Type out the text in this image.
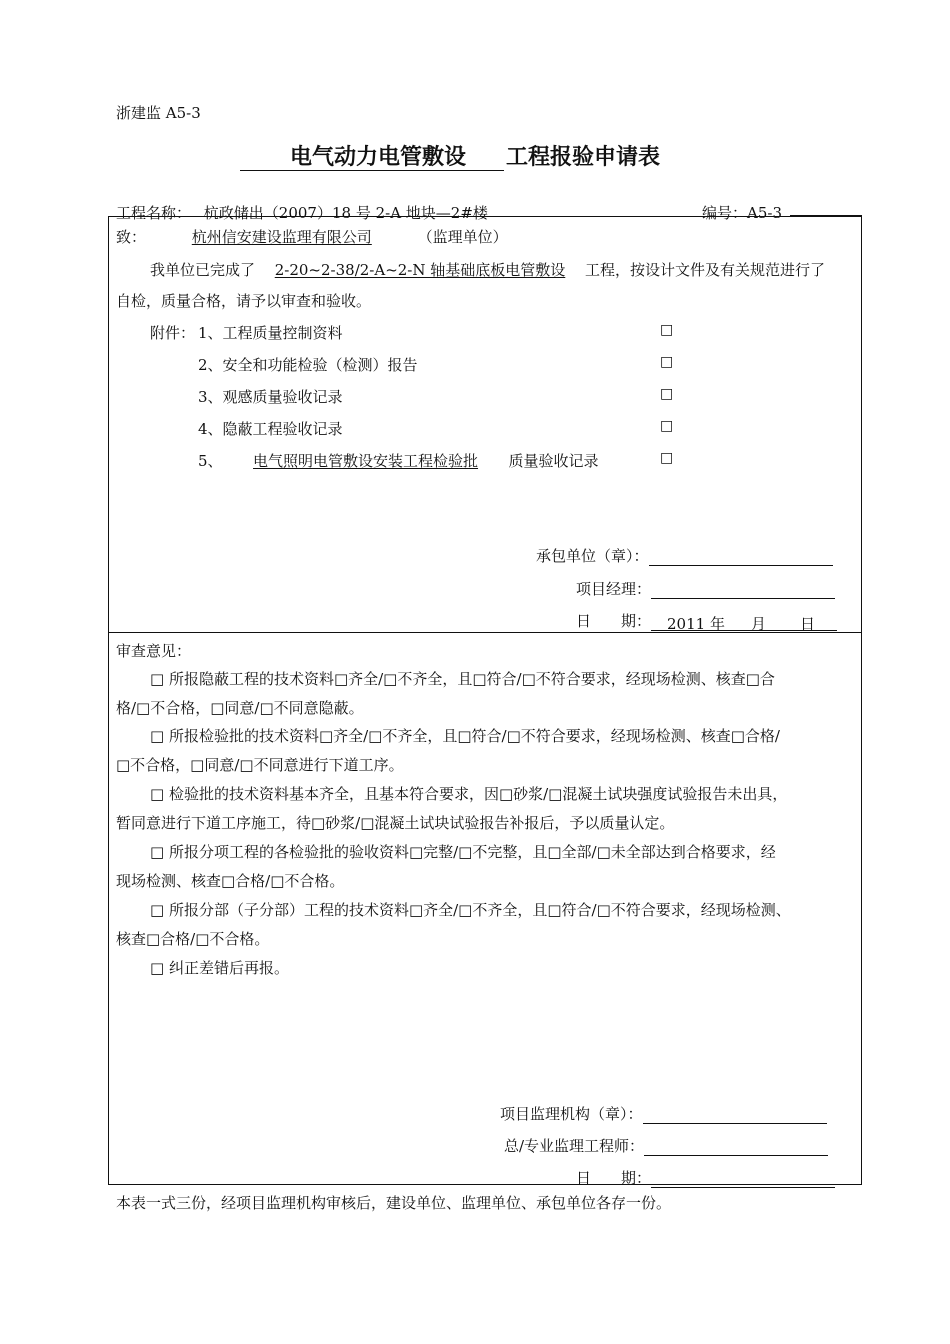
浙建监 A5-3
电气动力电管敷设	工程报验申请表
工程名称： 杭政储出（2007）18 号 2-A 地块—2#楼	编号：A5-3
致：	杭州信安建设监理有限公司	（监理单位）
我单位已完成了 2-20~2-38/2-A~2-N 轴基础底板电管敷设 工程，按设计文件及有关规范进行了
自检，质量合格，请予以审查和验收。
附件： 1、工程质量控制资料	□
2、安全和功能检验（检测）报告	□
3、观感质量验收记录	□
4、隐蔽工程验收记录	□
5、 电气照明电管敷设安装工程检验批 质量验收记录	□
承包单位（章）：
项目经理：
日　　期： 2011 年 月 日
审查意见：
□ 所报隐蔽工程的技术资料□齐全/□不齐全，且□符合/□不符合要求，经现场检测、核查□合
格/□不合格，□同意/□不同意隐蔽。
□ 所报检验批的技术资料□齐全/□不齐全，且□符合/□不符合要求，经现场检测、核查□合格/
□不合格，□同意/□不同意进行下道工序。
□ 检验批的技术资料基本齐全，且基本符合要求，因□砂浆/□混凝土试块强度试验报告未出具，
暂同意进行下道工序施工，待□砂浆/□混凝土试块试验报告补报后，予以质量认定。
□ 所报分项工程的各检验批的验收资料□完整/□不完整，且□全部/□未全部达到合格要求，经
现场检测、核查□合格/□不合格。
□ 所报分部（子分部）工程的技术资料□齐全/□不齐全，且□符合/□不符合要求，经现场检测、
核查□合格/□不合格。
□ 纠正差错后再报。
项目监理机构（章）：
总/专业监理工程师：
日　　期：
本表一式三份，经项目监理机构审核后，建设单位、监理单位、承包单位各存一份。
